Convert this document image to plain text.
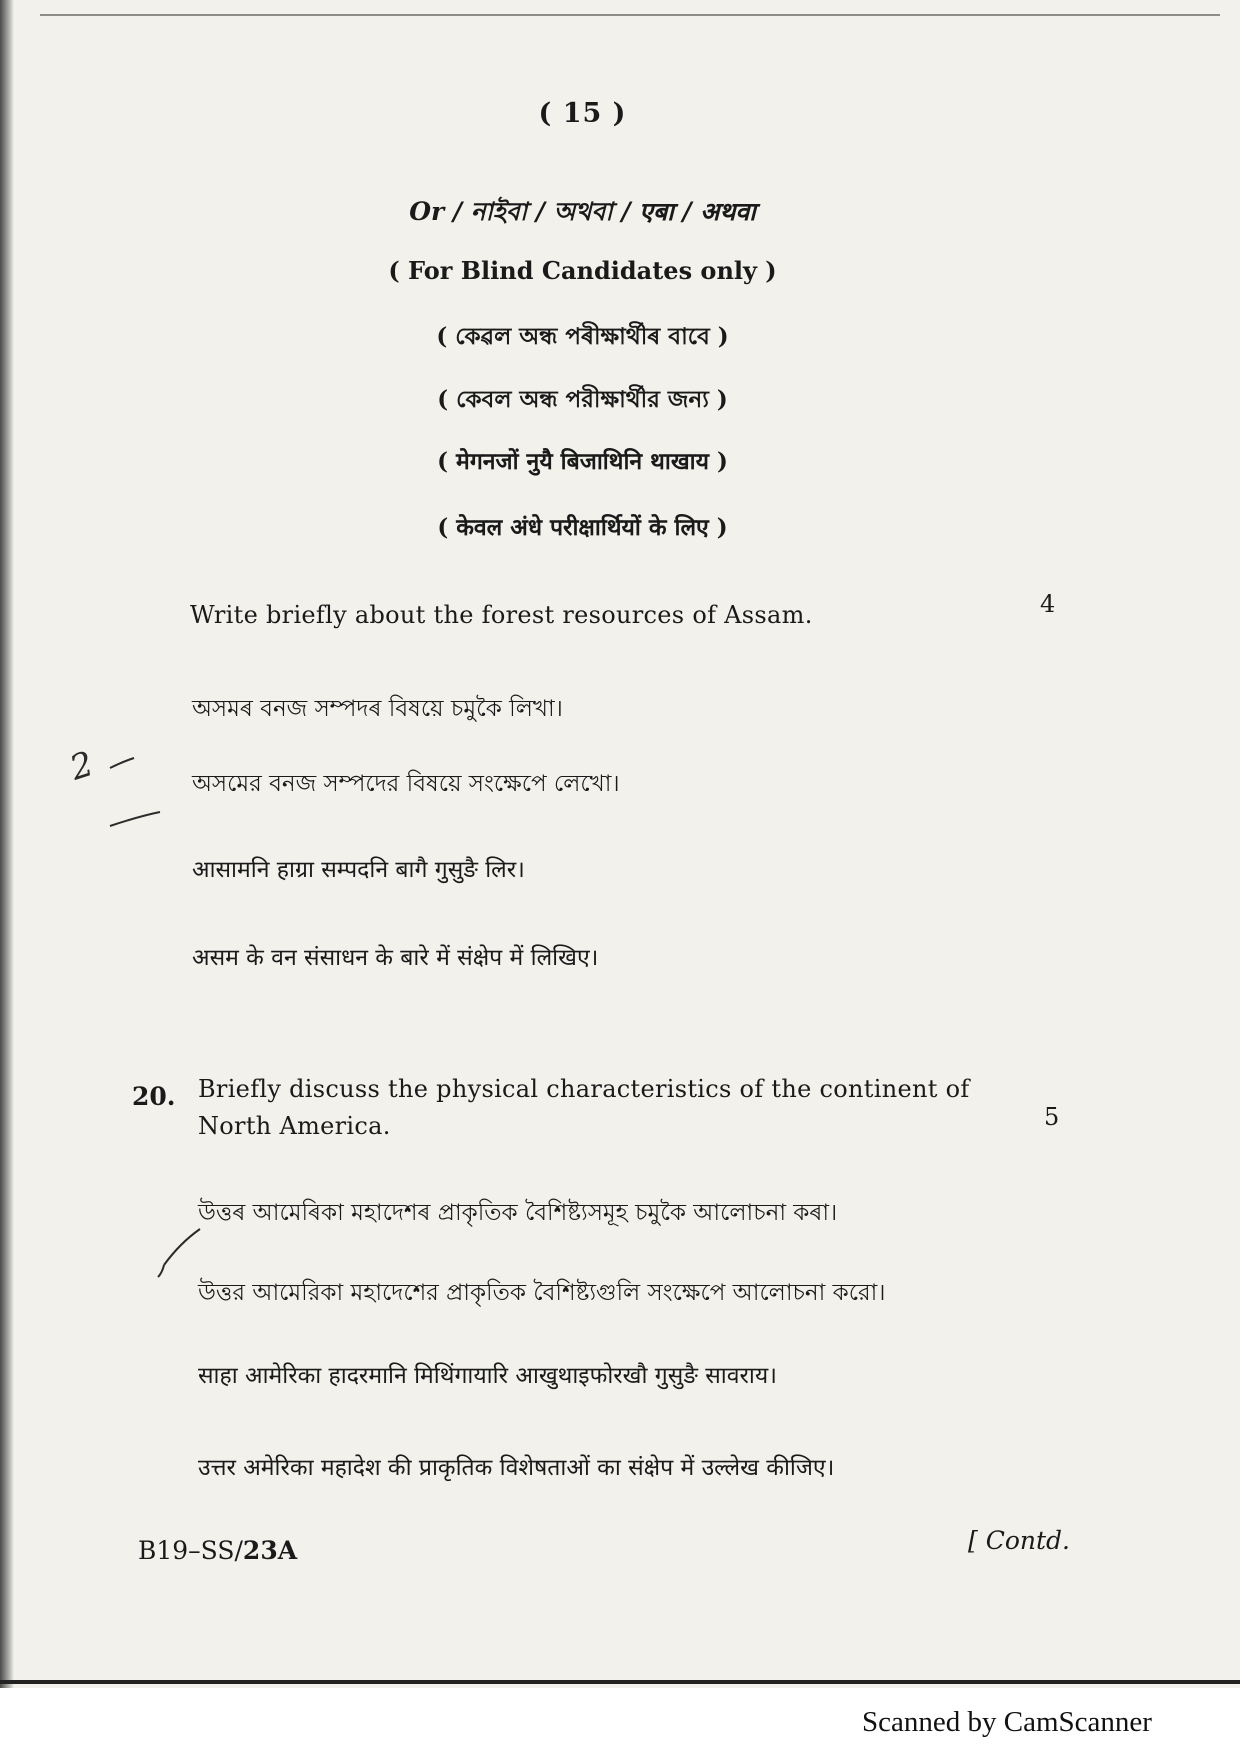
( 15 )
Or / নাইবা / অথবা / एबा / अथवा
( For Blind Candidates only )
( কেৱল অন্ধ পৰীক্ষাৰ্থীৰ বাবে )
( কেবল অন্ধ পরীক্ষার্থীর জন্য )
( मेगनजों नुयै बिजाथिनि थाखाय )
( केवल अंधे परीक्षार्थियों के लिए )
Write briefly about the forest resources of Assam.	4
অসমৰ বনজ সম্পদৰ বিষয়ে চমুকৈ লিখা।
অসমের বনজ সম্পদের বিষয়ে সংক্ষেপে লেখো।
आसामनि हाग्रा सम्पदनि बागै गुसुङै लिर।
असम के वन संसाधन के बारे में संक्षेप में लिखिए।
20. Briefly discuss the physical characteristics of the continent of
North America.	5
উত্তৰ আমেৰিকা মহাদেশৰ প্ৰাকৃতিক বৈশিষ্ট্যসমূহ চমুকৈ আলোচনা কৰা।
উত্তর আমেরিকা মহাদেশের প্রাকৃতিক বৈশিষ্ট্যগুলি সংক্ষেপে আলোচনা করো।
साहा आमेरिका हादरमानि मिथिंगायारि आखुथाइफोरखौ गुसुङै सावराय।
उत्तर अमेरिका महादेश की प्राकृतिक विशेषताओं का संक्षेप में उल्लेख कीजिए।
B19–SS/23A	[ Contd.
2
Scanned by CamScanner
